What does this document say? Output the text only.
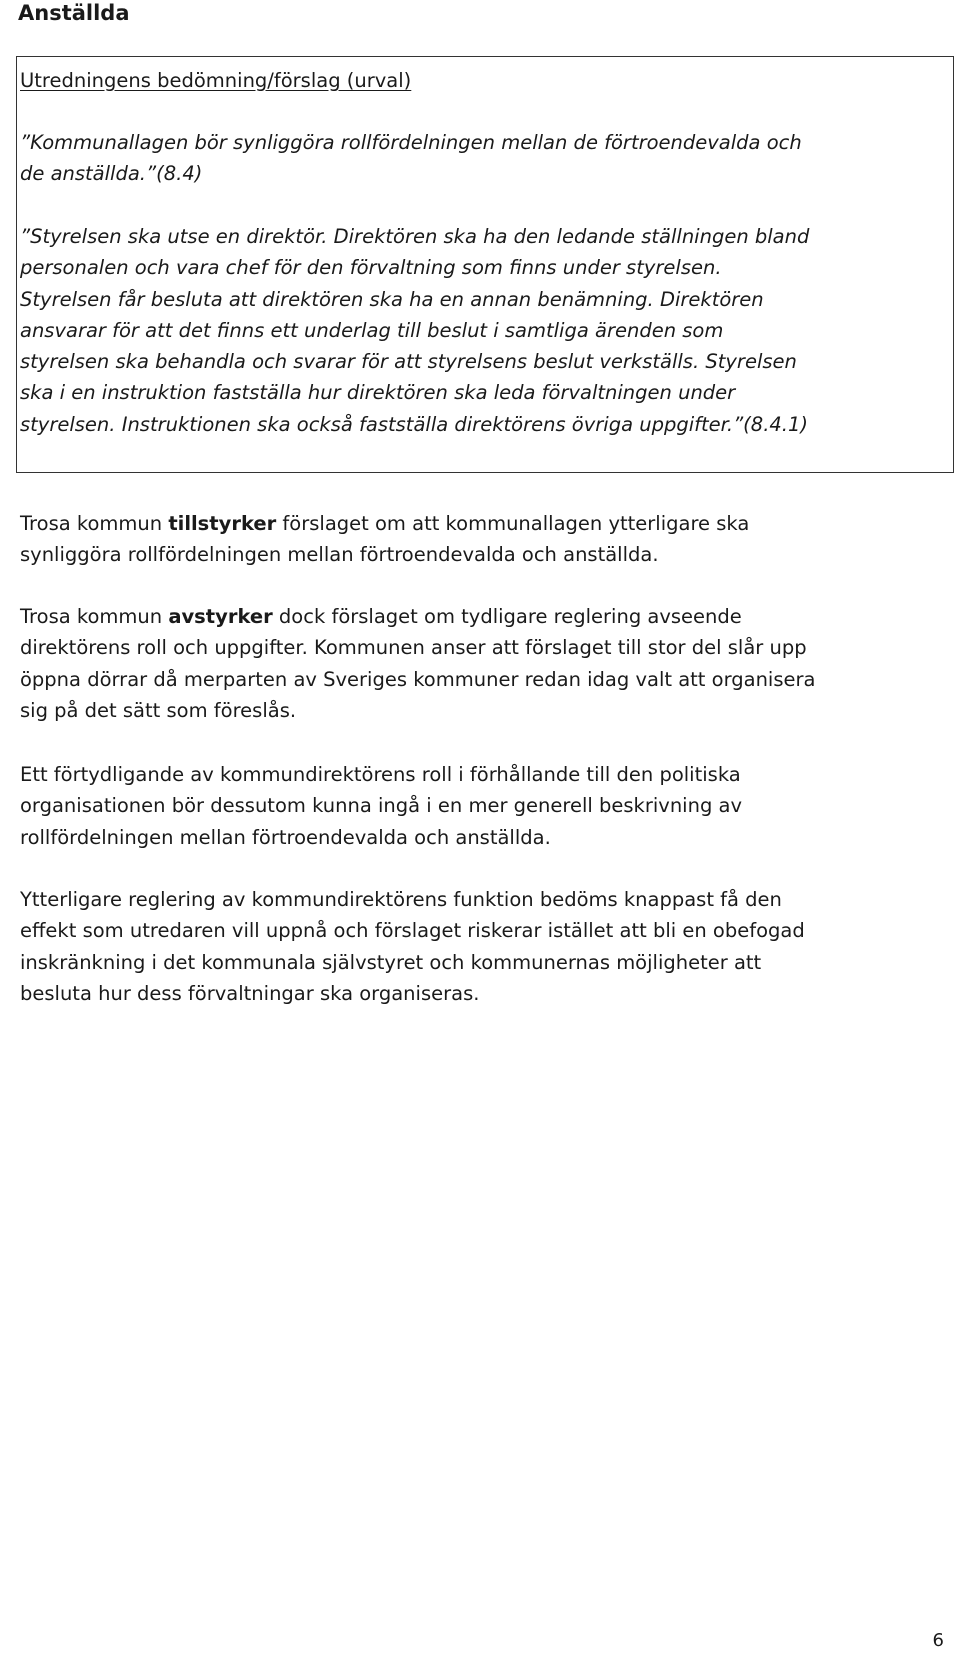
Anställda

Utredningens bedömning/förslag (urval)

”Kommunallagen bör synliggöra rollfördelningen mellan de förtroendevalda och
de anställda.”(8.4)

”Styrelsen ska utse en direktör. Direktören ska ha den ledande ställningen bland
personalen och vara chef för den förvaltning som finns under styrelsen.
Styrelsen får besluta att direktören ska ha en annan benämning. Direktören
ansvarar för att det finns ett underlag till beslut i samtliga ärenden som
styrelsen ska behandla och svarar för att styrelsens beslut verkställs. Styrelsen
ska i en instruktion fastställa hur direktören ska leda förvaltningen under
styrelsen. Instruktionen ska också fastställa direktörens övriga uppgifter.”(8.4.1)

Trosa kommun tillstyrker förslaget om att kommunallagen ytterligare ska
synliggöra rollfördelningen mellan förtroendevalda och anställda.

Trosa kommun avstyrker dock förslaget om tydligare reglering avseende
direktörens roll och uppgifter. Kommunen anser att förslaget till stor del slår upp
öppna dörrar då merparten av Sveriges kommuner redan idag valt att organisera
sig på det sätt som föreslås.

Ett förtydligande av kommundirektörens roll i förhållande till den politiska
organisationen bör dessutom kunna ingå i en mer generell beskrivning av
rollfördelningen mellan förtroendevalda och anställda.

Ytterligare reglering av kommundirektörens funktion bedöms knappast få den
effekt som utredaren vill uppnå och förslaget riskerar istället att bli en obefogad
inskränkning i det kommunala självstyret och kommunernas möjligheter att
besluta hur dess förvaltningar ska organiseras.

6
